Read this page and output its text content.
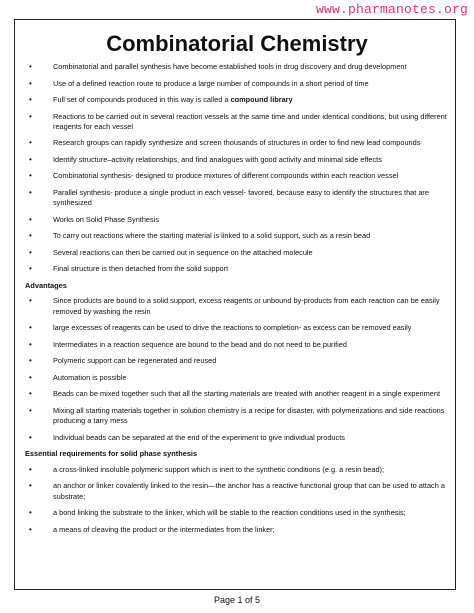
www.pharmanotes.org
Combinatorial Chemistry
•	Combinatorial and parallel synthesis have become established tools in drug discovery and drug development
•	Use of a defined reaction route to produce a large number of compounds in a short period of time
•	Full set of compounds produced in this way is called a compound library
•	Reactions to be carried out in several reaction vessels at the same time and under identical conditions, but using different reagents for each vessel
•	Research groups can rapidly synthesize and screen thousands of structures in order to find new lead compounds
•	Identify structure–activity relationships, and find analogues with good activity and minimal side effects
•	Combinatorial synthesis- designed to produce mixtures of different compounds within each reaction vessel
•	Parallel synthesis- produce a single product in each vessel- favored, because easy to identify the structures that are synthesized
•	Works on Solid Phase Synthesis
•	To carry out reactions where the starting material is linked to a solid support, such as a resin bead
•	Several reactions can then be carried out in sequence on the attached molecule
•	Final structure is then detached from the solid support
Advantages
•	Since products are bound to a solid support, excess reagents or unbound by-products from each reaction can be easily removed by washing the resin
•	large excesses of reagents can be used to drive the reactions to completion- as excess can be removed easily
•	Intermediates in a reaction sequence are bound to the bead and do not need to be purified
•	Polymeric support can be regenerated and reused
•	Automation is possible
•	Beads can be mixed together such that all the starting materials are treated with another reagent in a single experiment
•	Mixing all starting materials together in solution chemistry is a recipe for disaster, with polymerizations and side reactions producing a tarry mess
•	Individual beads can be separated at the end of the experiment to give individual products
Essential requirements for solid phase synthesis
•	a cross-linked insoluble polymeric support which is inert to the synthetic conditions (e.g. a resin bead);
•	an anchor or linker covalently linked to the resin—the anchor has a reactive functional group that can be used to attach a substrate;
•	a bond linking the substrate to the linker, which will be stable to the reaction conditions used in the synthesis;
•	a means of cleaving the product or the intermediates from the linker;
Page 1 of 5
